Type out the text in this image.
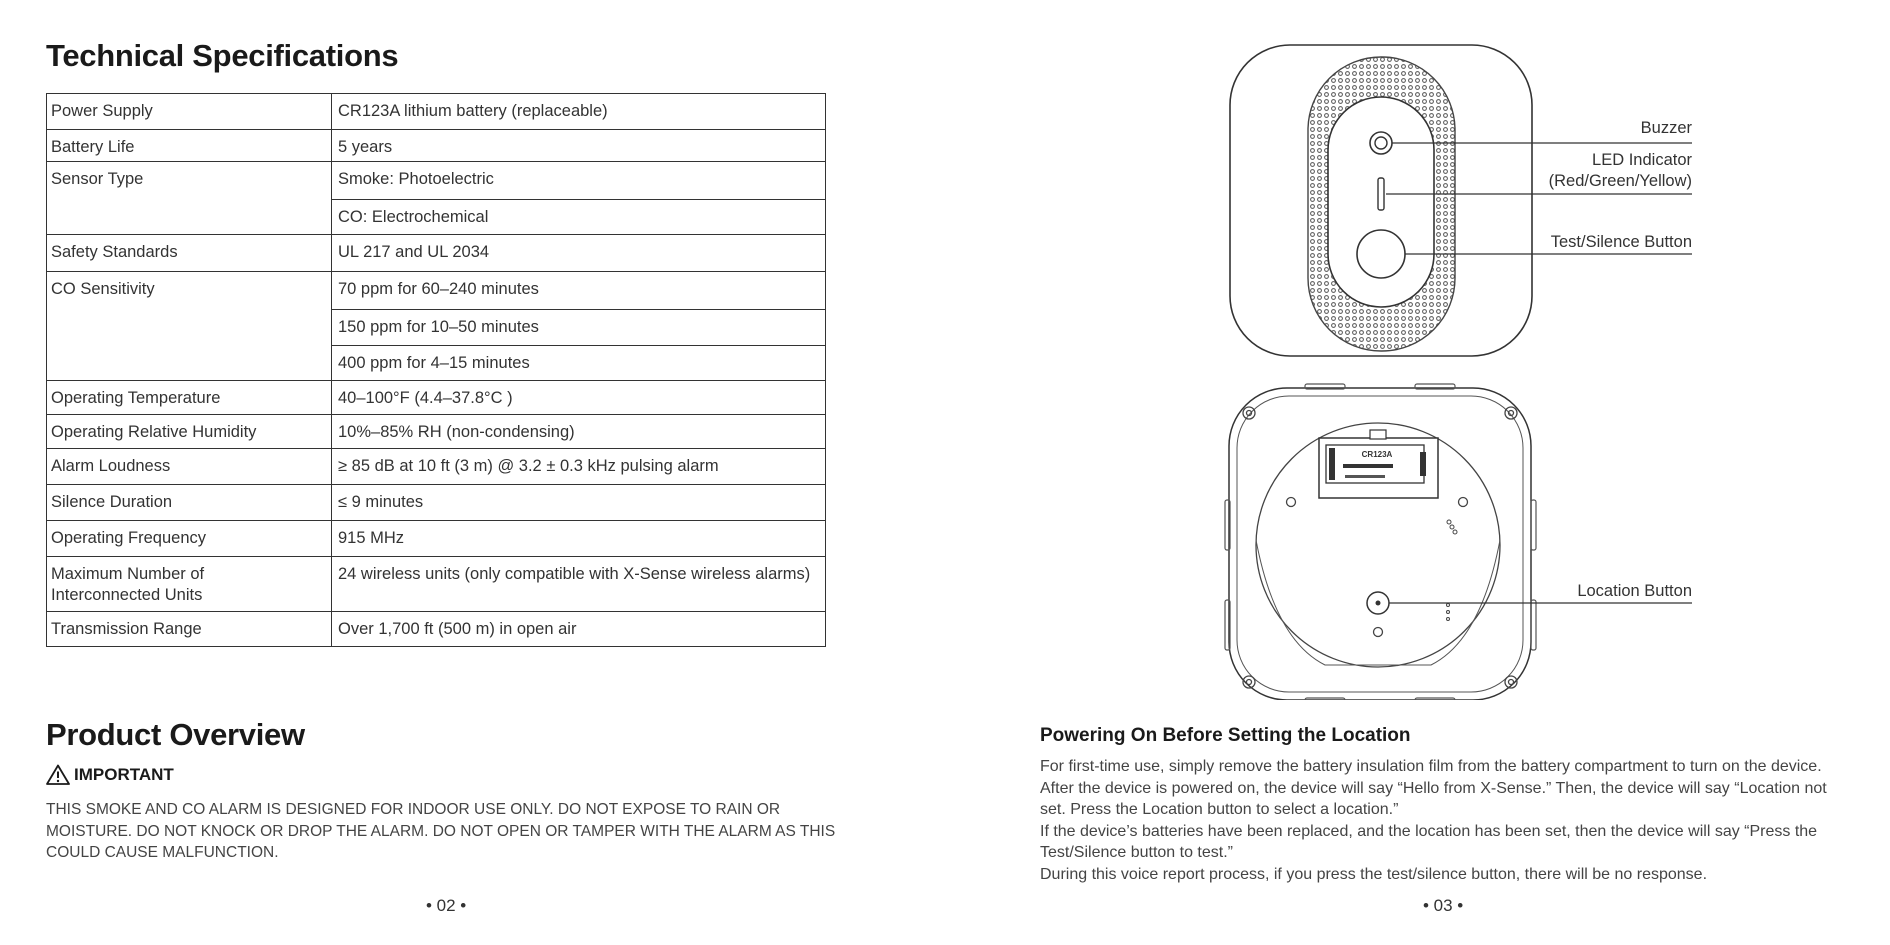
Technical Specifications
Power Supply	CR123A lithium battery (replaceable)
Battery Life	5 years
Sensor Type	Smoke: Photoelectric
	CO: Electrochemical
Safety Standards	UL 217 and UL 2034
CO Sensitivity	70 ppm for 60–240 minutes
	150 ppm for 10–50 minutes
	400 ppm for 4–15 minutes
Operating Temperature	40–100°F (4.4–37.8°C )
Operating Relative Humidity	10%–85% RH (non-condensing)
Alarm Loudness	≥ 85 dB at 10 ft (3 m) @ 3.2 ± 0.3 kHz pulsing alarm
Silence Duration	≤ 9 minutes
Operating Frequency	915 MHz
Maximum Number of
Interconnected Units	24 wireless units (only compatible with X-Sense wireless alarms)
Transmission Range	Over 1,700 ft (500 m) in open air
Product Overview
IMPORTANT
THIS SMOKE AND CO ALARM IS DESIGNED FOR INDOOR USE ONLY. DO NOT EXPOSE TO RAIN OR MOISTURE. DO NOT KNOCK OR DROP THE ALARM. DO NOT OPEN OR TAMPER WITH THE ALARM AS THIS COULD CAUSE MALFUNCTION.
• 02 •
CR123A
Buzzer
LED Indicator
(Red/Green/Yellow)
Test/Silence Button
Location Button
Powering On Before Setting the Location

For first-time use, simply remove the battery insulation film from the battery compartment to turn on the device. After the device is powered on, the device will say “Hello from X-Sense.” Then, the device will say “Location not set. Press the Location button to select a location.”

If the device’s batteries have been replaced, and the location has been set, then the device will say “Press the Test/Silence button to test.”

During this voice report process, if you press the test/silence button, there will be no response.

• 03 •
